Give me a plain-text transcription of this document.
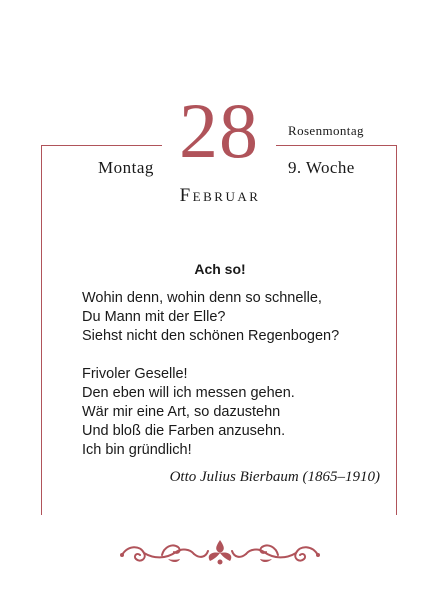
28
Montag
Rosenmontag
9. Woche
Februar
Ach so!
Wohin denn, wohin denn so schnelle,
Du Mann mit der Elle?
Siehst nicht den schönen Regenbogen?
Frivoler Geselle!
Den eben will ich messen gehen.
Wär mir eine Art, so dazustehn
Und bloß die Farben anzusehn.
Ich bin gründlich!
Otto Julius Bierbaum (1865–1910)
